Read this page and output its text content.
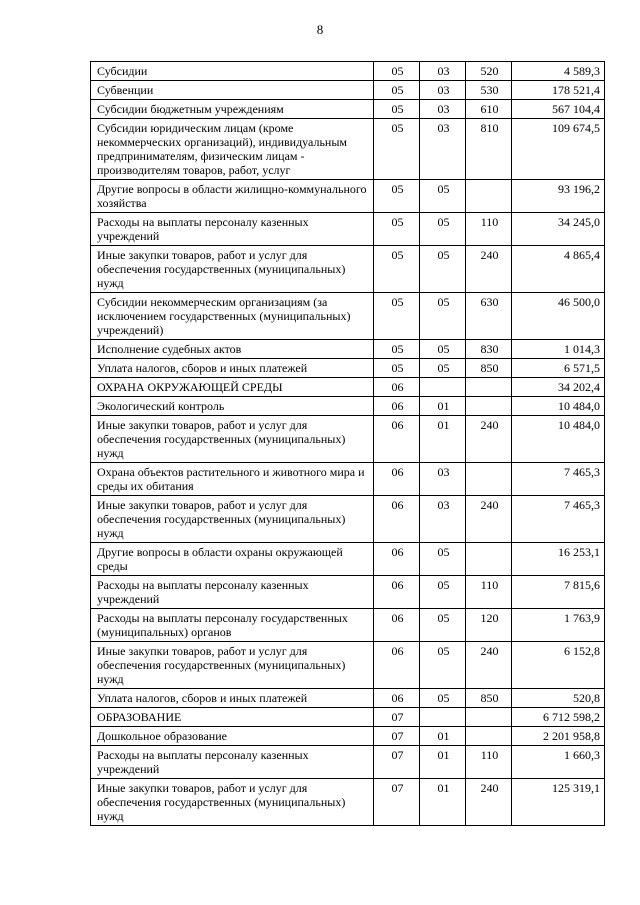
8
Субсидии	05	03	520	4 589,3
Субвенции	05	03	530	178 521,4
Субсидии бюджетным учреждениям	05	03	610	567 104,4
Субсидии юридическим лицам (кроме некоммерческих организаций), индивидуальным предпринимателям, физическим лицам - производителям товаров, работ, услуг	05	03	810	109 674,5
Другие вопросы в области жилищно-коммунального хозяйства	05	05		93 196,2
Расходы на выплаты персоналу казенных учреждений	05	05	110	34 245,0
Иные закупки товаров, работ и услуг для обеспечения государственных (муниципальных) нужд	05	05	240	4 865,4
Субсидии некоммерческим организациям (за исключением государственных (муниципальных) учреждений)	05	05	630	46 500,0
Исполнение судебных актов	05	05	830	1 014,3
Уплата налогов, сборов и иных платежей	05	05	850	6 571,5
ОХРАНА ОКРУЖАЮЩЕЙ СРЕДЫ	06			34 202,4
Экологический контроль	06	01		10 484,0
Иные закупки товаров, работ и услуг для обеспечения государственных (муниципальных) нужд	06	01	240	10 484,0
Охрана объектов растительного и животного мира и среды их обитания	06	03		7 465,3
Иные закупки товаров, работ и услуг для обеспечения государственных (муниципальных) нужд	06	03	240	7 465,3
Другие вопросы в области охраны окружающей среды	06	05		16 253,1
Расходы на выплаты персоналу казенных учреждений	06	05	110	7 815,6
Расходы на выплаты персоналу государственных (муниципальных) органов	06	05	120	1 763,9
Иные закупки товаров, работ и услуг для обеспечения государственных (муниципальных) нужд	06	05	240	6 152,8
Уплата налогов, сборов и иных платежей	06	05	850	520,8
ОБРАЗОВАНИЕ	07			6 712 598,2
Дошкольное образование	07	01		2 201 958,8
Расходы на выплаты персоналу казенных учреждений	07	01	110	1 660,3
Иные закупки товаров, работ и услуг для обеспечения государственных (муниципальных) нужд	07	01	240	125 319,1
